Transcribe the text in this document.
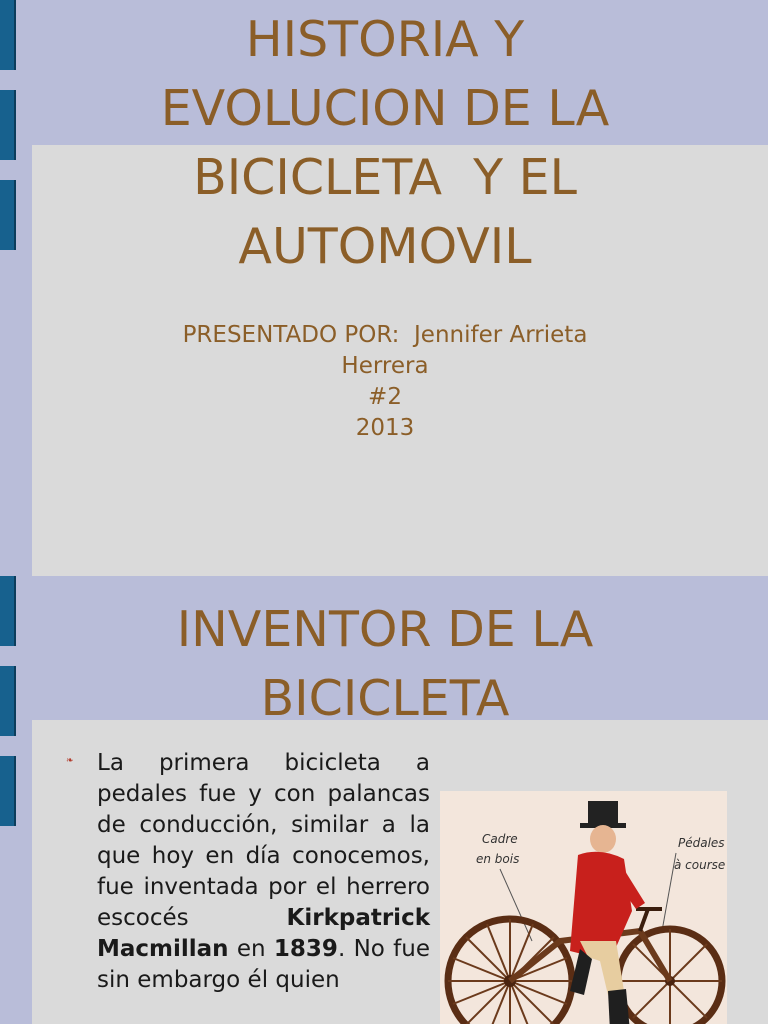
HISTORIA Y
EVOLUCION DE LA
BICICLETA  Y EL
AUTOMOVIL
PRESENTADO POR:  Jennifer Arrieta
Herrera
#2
2013
INVENTOR DE LA
BICICLETA
❧ La primera bicicleta a pedales fue y con palancas de conducción, similar a la que hoy en día conocemos, fue inventada por el herrero escocés Kirkpatrick Macmillan en 1839. No fue sin embargo él quien

Cadre
en bois
Pédales
à course
